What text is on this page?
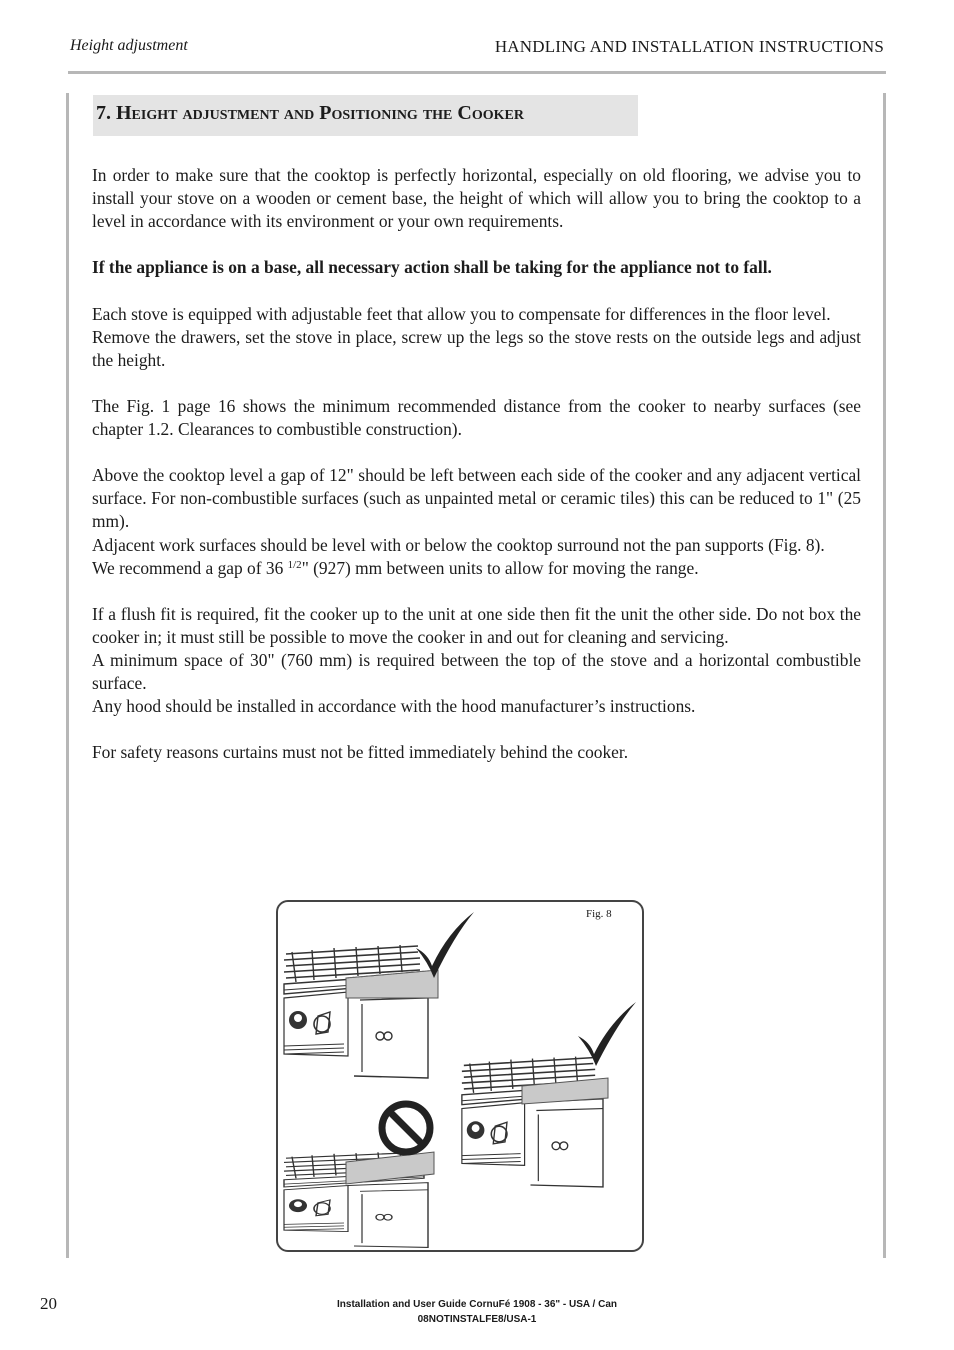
Height adjustment	HANDLING AND INSTALLATION INSTRUCTIONS
7. Height adjustment and Positioning the Cooker

In order to make sure that the cooktop is perfectly horizontal, especially on old flooring, we advise you to install your stove on a wooden or cement base, the height of which will allow you to bring the cooktop to a level in accordance with its environment or your own requirements.

If the appliance is on a base, all necessary action shall be taking for the appliance not to fall.

Each stove is equipped with adjustable feet that allow you to compensate for differences in the floor level.

Remove the drawers, set the stove in place, screw up the legs so the stove rests on the outside legs and adjust the height.

The Fig. 1 page 16 shows the minimum recommended distance from the cooker to nearby surfaces (see chapter 1.2. Clearances to combustible construction).

Above the cooktop level a gap of 12" should be left between each side of the cooker and any adjacent vertical surface. For non-combustible surfaces (such as unpainted metal or ceramic tiles) this can be reduced to 1" (25 mm).

Adjacent work surfaces should be level with or below the cooktop surround not the pan supports (Fig. 8).

We recommend a gap of 36 $^{1/2}$" (927) mm between units to allow for moving the range.

If a flush fit is required, fit the cooker up to the unit at one side then fit the unit the other side. Do not box the cooker in; it must still be possible to move the cooker in and out for cleaning and servicing.

A minimum space of 30" (760 mm) is required between the top of the stove and a horizontal combustible surface.

Any hood should be installed in accordance with the hood manufacturer’s instructions.

For safety reasons curtains must not be fitted immediately behind the cooker.

Fig. 8
20	Installation and User Guide CornuFé 1908 - 36" - USA / Can
08NOTINSTALFE8/USA-1
